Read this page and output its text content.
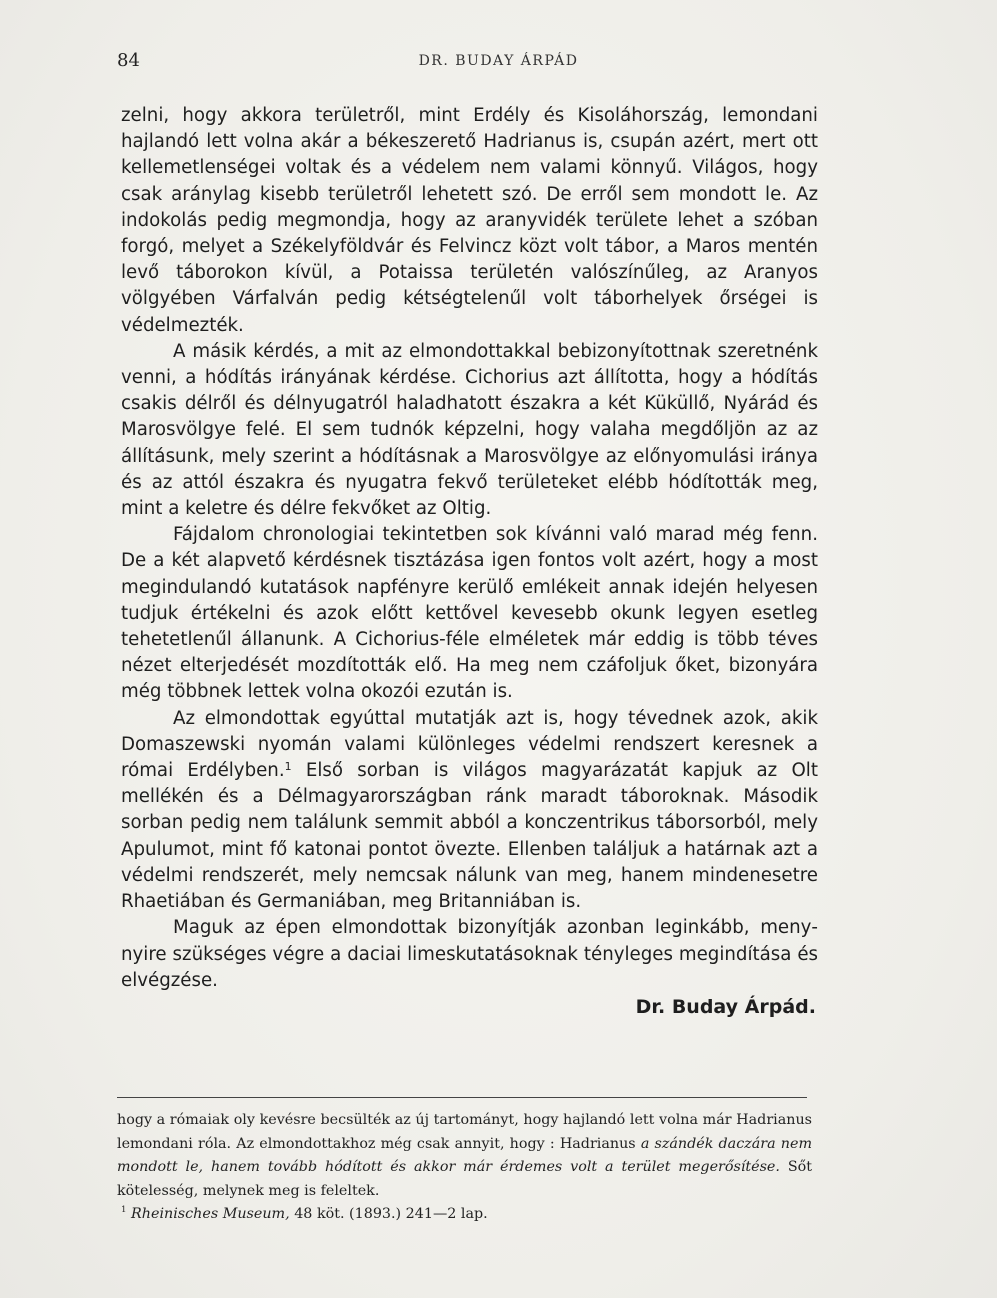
84	DR. BUDAY ÁRPÁD

zelni, hogy akkora területről, mint Erdély és Kisoláhország, lemondani hajlandó lett volna akár a békeszerető Hadrianus is, csupán azért, mert ott kellemetlenségei voltak és a védelem nem valami könnyű. Világos, hogy csak aránylag kisebb területről lehetett szó. De erről sem mondott le. Az indokolás pedig megmondja, hogy az aranyvidék területe lehet a szóban forgó, melyet a Székelyföldvár és Felvincz közt volt tábor, a Maros mentén levő táborokon kívül, a Potaissa területén valószínűleg, az Aranyos völgyében Várfalván pedig kétségtelenűl volt táborhelyek őrségei is védelmezték.

A másik kérdés, a mit az elmondottakkal bebizonyítottnak szeretnénk venni, a hódítás irányának kérdése. Cichorius azt állította, hogy a hódítás csakis délről és délnyugatról haladhatott északra a két Küküllő, Nyárád és Marosvölgye felé. El sem tudnók képzelni, hogy valaha megdőljön az az állításunk, mely szerint a hódításnak a Marosvölgye az előnyomulási iránya és az attól északra és nyugatra fekvő területeket elébb hódították meg, mint a keletre és délre fekvőket az Oltig.

Fájdalom chronologiai tekintetben sok kívánni való marad még fenn. De a két alapvető kérdésnek tisztázása igen fontos volt azért, hogy a most megindulandó kutatások napfényre kerülő emlékeit annak idején helyesen tudjuk értékelni és azok előtt kettővel kevesebb okunk legyen esetleg tehetetlenűl állanunk. A Cichorius-féle elméletek már eddig is több téves nézet elterjedését mozdították elő. Ha meg nem czáfoljuk őket, bizonyára még többnek lettek volna okozói ezután is.

Az elmondottak egyúttal mutatják azt is, hogy tévednek azok, akik Domaszewski nyomán valami különleges védelmi rendszert keresnek a római Erdélyben.$^1$ Első sorban is világos magyarázatát kapjuk az Olt mellékén és a Délmagyarországban ránk maradt táboroknak. Második sorban pedig nem találunk semmit abból a konczentrikus táborsorból, mely Apulumot, mint fő katonai pontot övezte. Ellenben találjuk a határnak azt a védelmi rendszerét, mely nemcsak nálunk van meg, hanem mindenesetre Rhaetiában és Germaniában, meg Britanniában is.

Maguk az épen elmondottak bizonyítják azonban leginkább, menynyire szükséges végre a daciai limeskutatásoknak tényleges megindítása és elvégzése.

Dr. Buday Árpád.

hogy a rómaiak oly kevésre becsülték az új tartományt, hogy hajlandó lett volna már Hadrianus lemondani róla. Az elmondottakhoz még csak annyit, hogy : Hadrianus a szándék daczára nem mondott le, hanem tovább hódított és akkor már érdemes volt a terület megerősítése. Sőt kötelesség, melynek meg is feleltek.

$^1$ Rheinisches Museum, 48 köt. (1893.) 241—2 lap.
